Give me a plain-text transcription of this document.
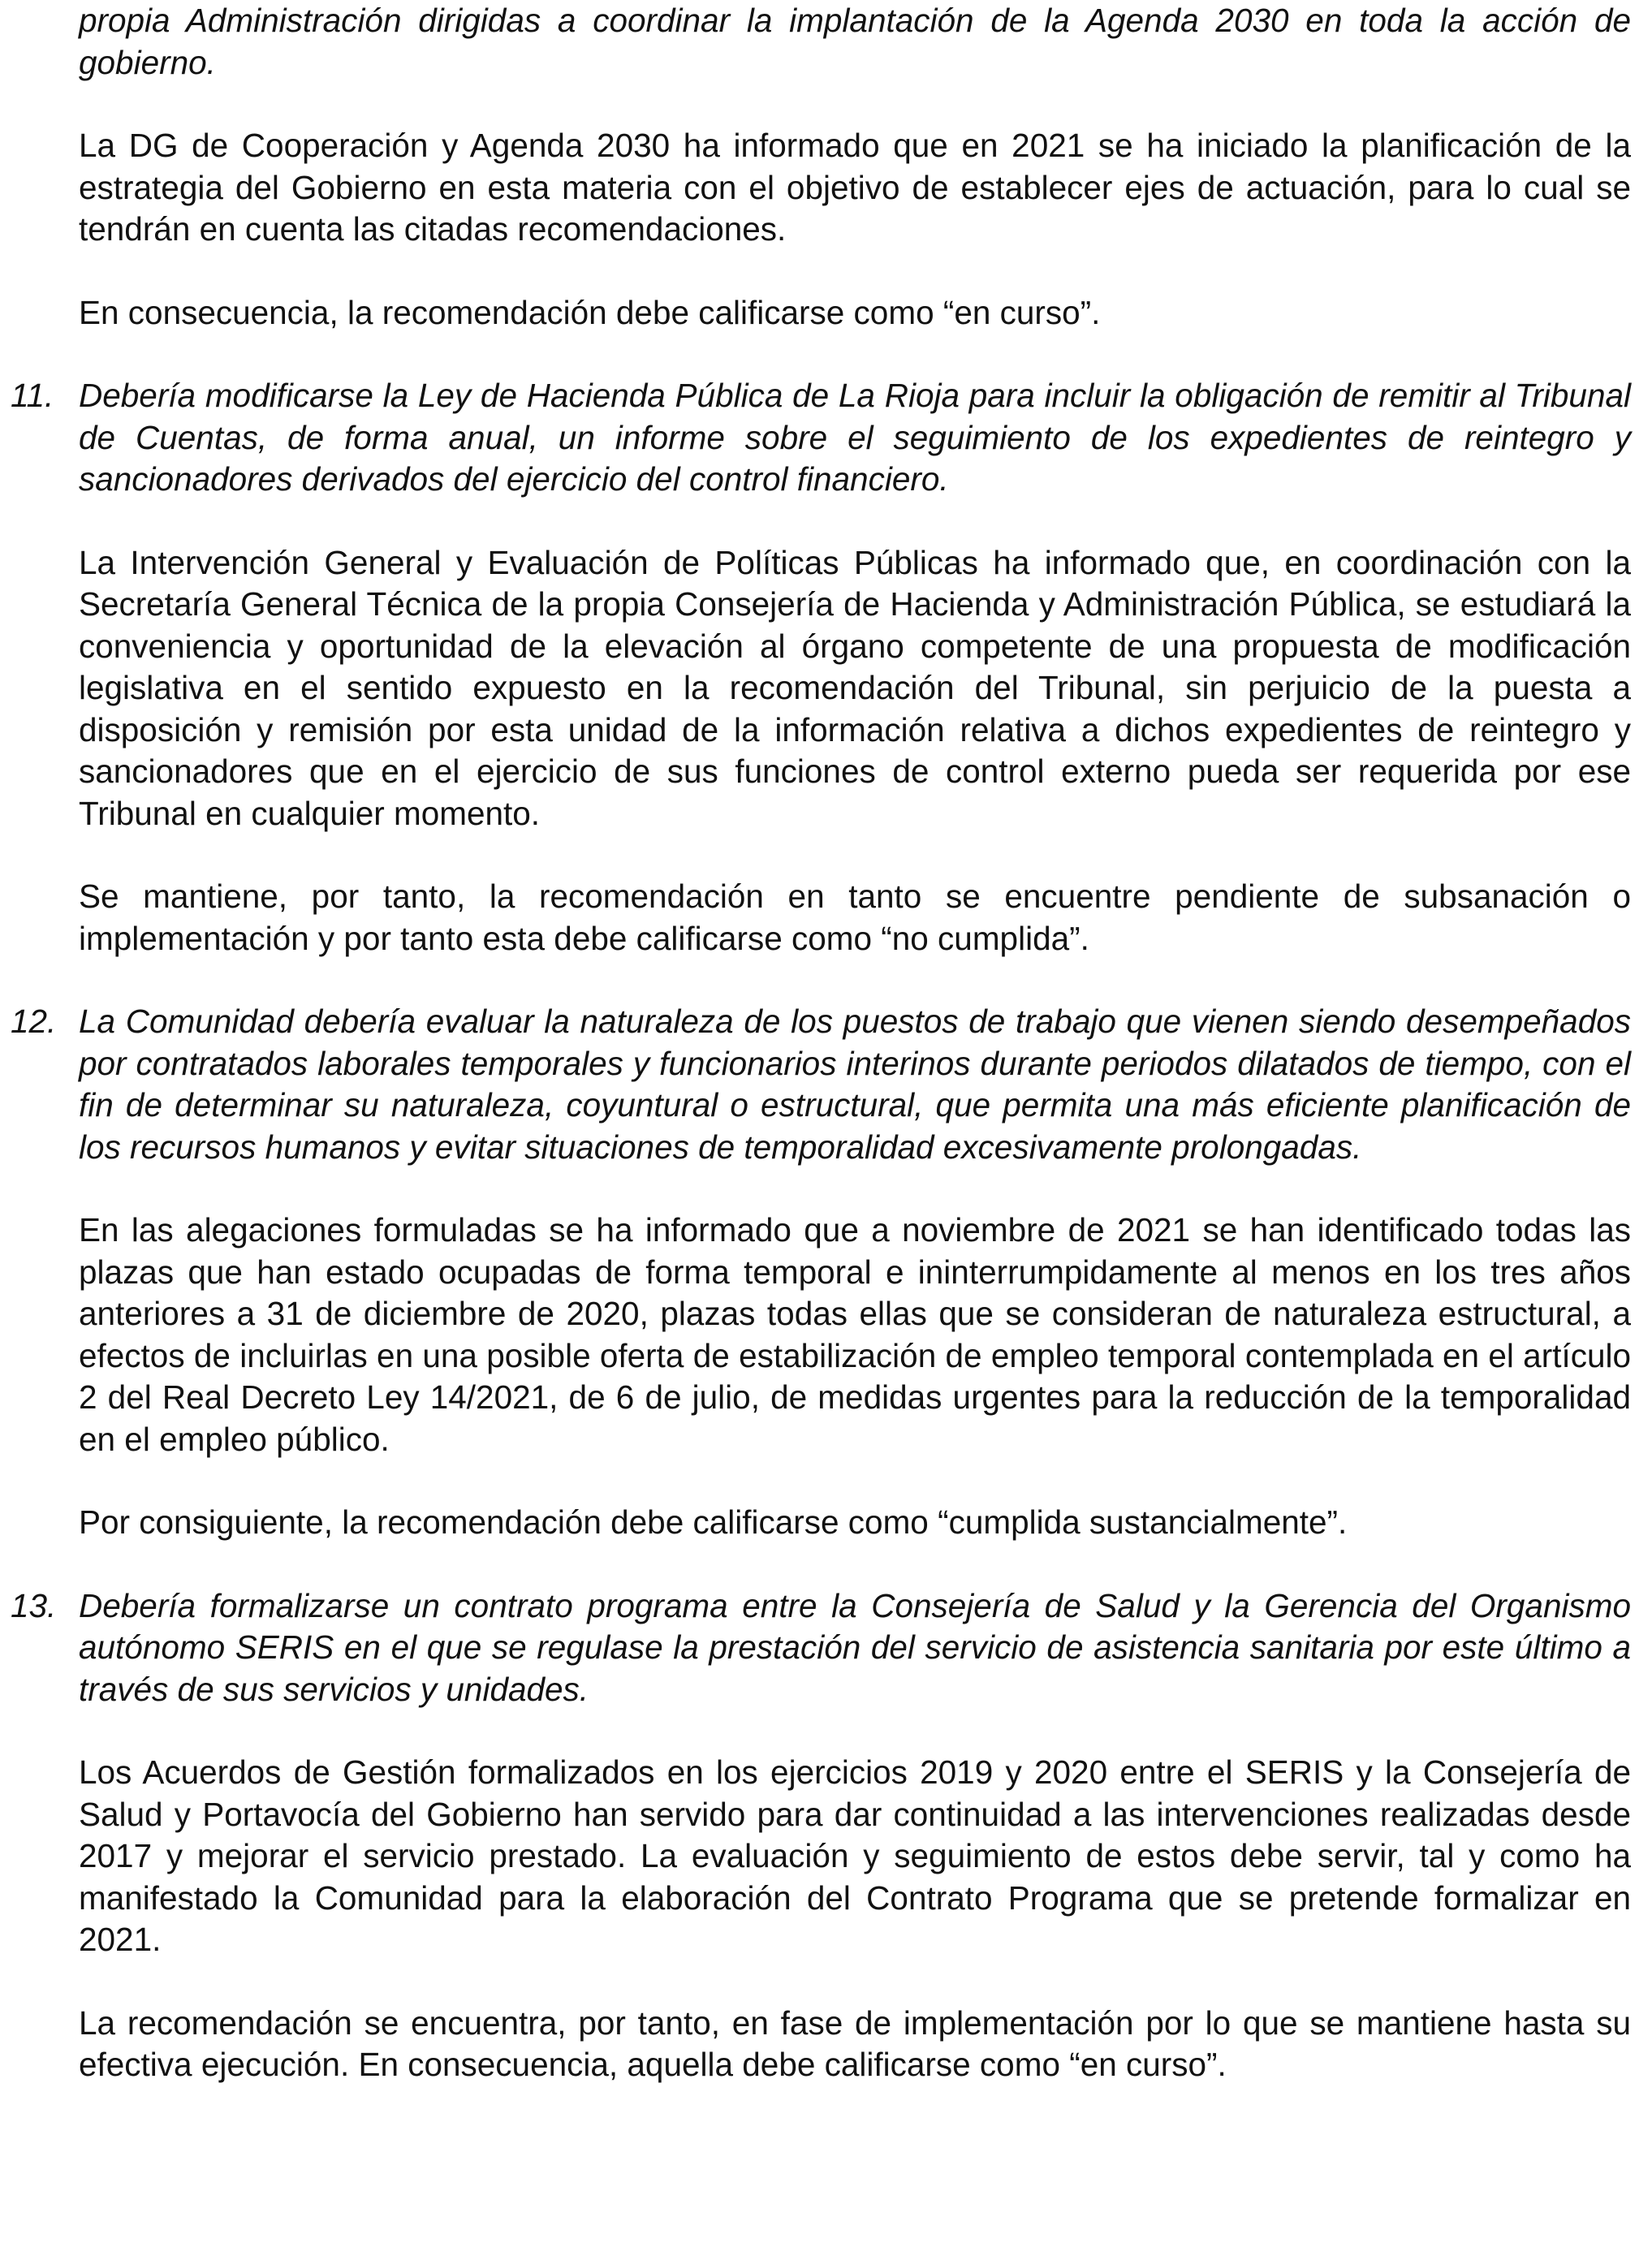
propia Administración dirigidas a coordinar la implantación de la Agenda 2030 en toda la acción de gobierno.

La DG de Cooperación y Agenda 2030 ha informado que en 2021 se ha iniciado la planificación de la estrategia del Gobierno en esta materia con el objetivo de establecer ejes de actuación, para lo cual se tendrán en cuenta las citadas recomendaciones.

En consecuencia, la recomendación debe calificarse como “en curso”.

11. Debería modificarse la Ley de Hacienda Pública de La Rioja para incluir la obligación de remitir al Tribunal de Cuentas, de forma anual, un informe sobre el seguimiento de los expedientes de reintegro y sancionadores derivados del ejercicio del control financiero.

La Intervención General y Evaluación de Políticas Públicas ha informado que, en coordinación con la Secretaría General Técnica de la propia Consejería de Hacienda y Administración Pública, se estudiará la conveniencia y oportunidad de la elevación al órgano competente de una propuesta de modificación legislativa en el sentido expuesto en la recomendación del Tribunal, sin perjuicio de la puesta a disposición y remisión por esta unidad de la información relativa a dichos expedientes de reintegro y sancionadores que en el ejercicio de sus funciones de control externo pueda ser requerida por ese Tribunal en cualquier momento.

Se mantiene, por tanto, la recomendación en tanto se encuentre pendiente de subsanación o implementación y por tanto esta debe calificarse como “no cumplida”.

12. La Comunidad debería evaluar la naturaleza de los puestos de trabajo que vienen siendo desempeñados por contratados laborales temporales y funcionarios interinos durante periodos dilatados de tiempo, con el fin de determinar su naturaleza, coyuntural o estructural, que permita una más eficiente planificación de los recursos humanos y evitar situaciones de temporalidad excesivamente prolongadas.

En las alegaciones formuladas se ha informado que a noviembre de 2021 se han identificado todas las plazas que han estado ocupadas de forma temporal e ininterrumpidamente al menos en los tres años anteriores a 31 de diciembre de 2020, plazas todas ellas que se consideran de naturaleza estructural, a efectos de incluirlas en una posible oferta de estabilización de empleo temporal contemplada en el artículo 2 del Real Decreto Ley 14/2021, de 6 de julio, de medidas urgentes para la reducción de la temporalidad en el empleo público.

Por consiguiente, la recomendación debe calificarse como “cumplida sustancialmente”.

13. Debería formalizarse un contrato programa entre la Consejería de Salud y la Gerencia del Organismo autónomo SERIS en el que se regulase la prestación del servicio de asistencia sanitaria por este último a través de sus servicios y unidades.

Los Acuerdos de Gestión formalizados en los ejercicios 2019 y 2020 entre el SERIS y la Consejería de Salud y Portavocía del Gobierno han servido para dar continuidad a las intervenciones realizadas desde 2017 y mejorar el servicio prestado. La evaluación y seguimiento de estos debe servir, tal y como ha manifestado la Comunidad para la elaboración del Contrato Programa que se pretende formalizar en 2021.

La recomendación se encuentra, por tanto, en fase de implementación por lo que se mantiene hasta su efectiva ejecución. En consecuencia, aquella debe calificarse como “en curso”.
